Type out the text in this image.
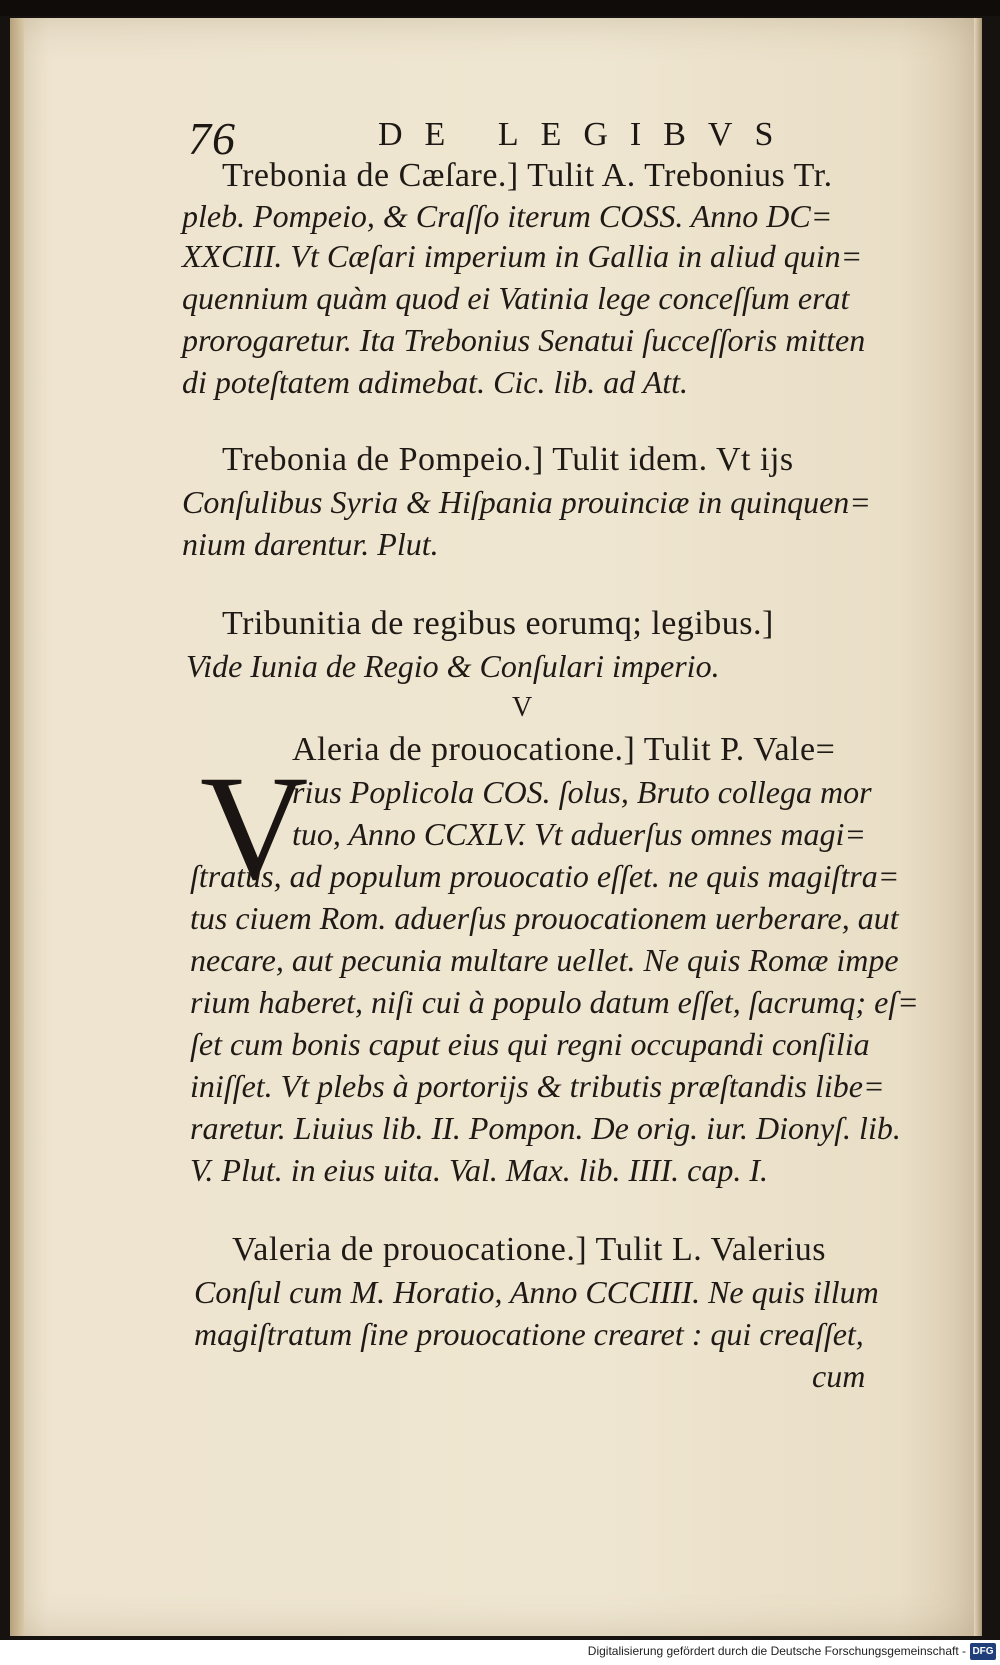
76	DE LEGIBVS
Trebonia de Cæſare.] Tulit A. Trebonius Tr.
pleb. Pompeio, & Craſſo iterum COSS. Anno DC=
XXCIII. Vt Cæſari imperium in Gallia in aliud quin=
quennium quàm quod ei Vatinia lege conceſſum erat
prorogaretur. Ita Trebonius Senatui ſucceſſoris mitten
di poteſtatem adimebat. Cic. lib. ad Att.
Trebonia de Pompeio.] Tulit idem. Vt ijs
Conſulibus Syria & Hiſpania prouinciæ in quinquen=
nium darentur. Plut.
Tribunitia de regibus eorumq; legibus.]
Vide Iunia de Regio & Conſulari imperio.
V
V
Aleria de prouocatione.] Tulit P. Vale=
rius Poplicola COS. ſolus, Bruto collega mor
tuo, Anno CCXLV. Vt aduerſus omnes magi=
ſtratus, ad populum prouocatio eſſet. ne quis magiſtra=
tus ciuem Rom. aduerſus prouocationem uerberare, aut
necare, aut pecunia multare uellet. Ne quis Romæ impe
rium haberet, niſi cui à populo datum eſſet, ſacrumq; eſ=
ſet cum bonis caput eius qui regni occupandi conſilia
iniſſet. Vt plebs à portorijs & tributis præſtandis libe=
raretur. Liuius lib. II. Pompon. De orig. iur. Dionyſ. lib.
V. Plut. in eius uita. Val. Max. lib. IIII. cap. I.
Valeria de prouocatione.] Tulit L. Valerius
Conſul cum M. Horatio, Anno CCCIIII. Ne quis illum
magiſtratum ſine prouocatione crearet : qui creaſſet,
cum
Digitalisierung gefördert durch die Deutsche Forschungsgemeinschaft - DFG
